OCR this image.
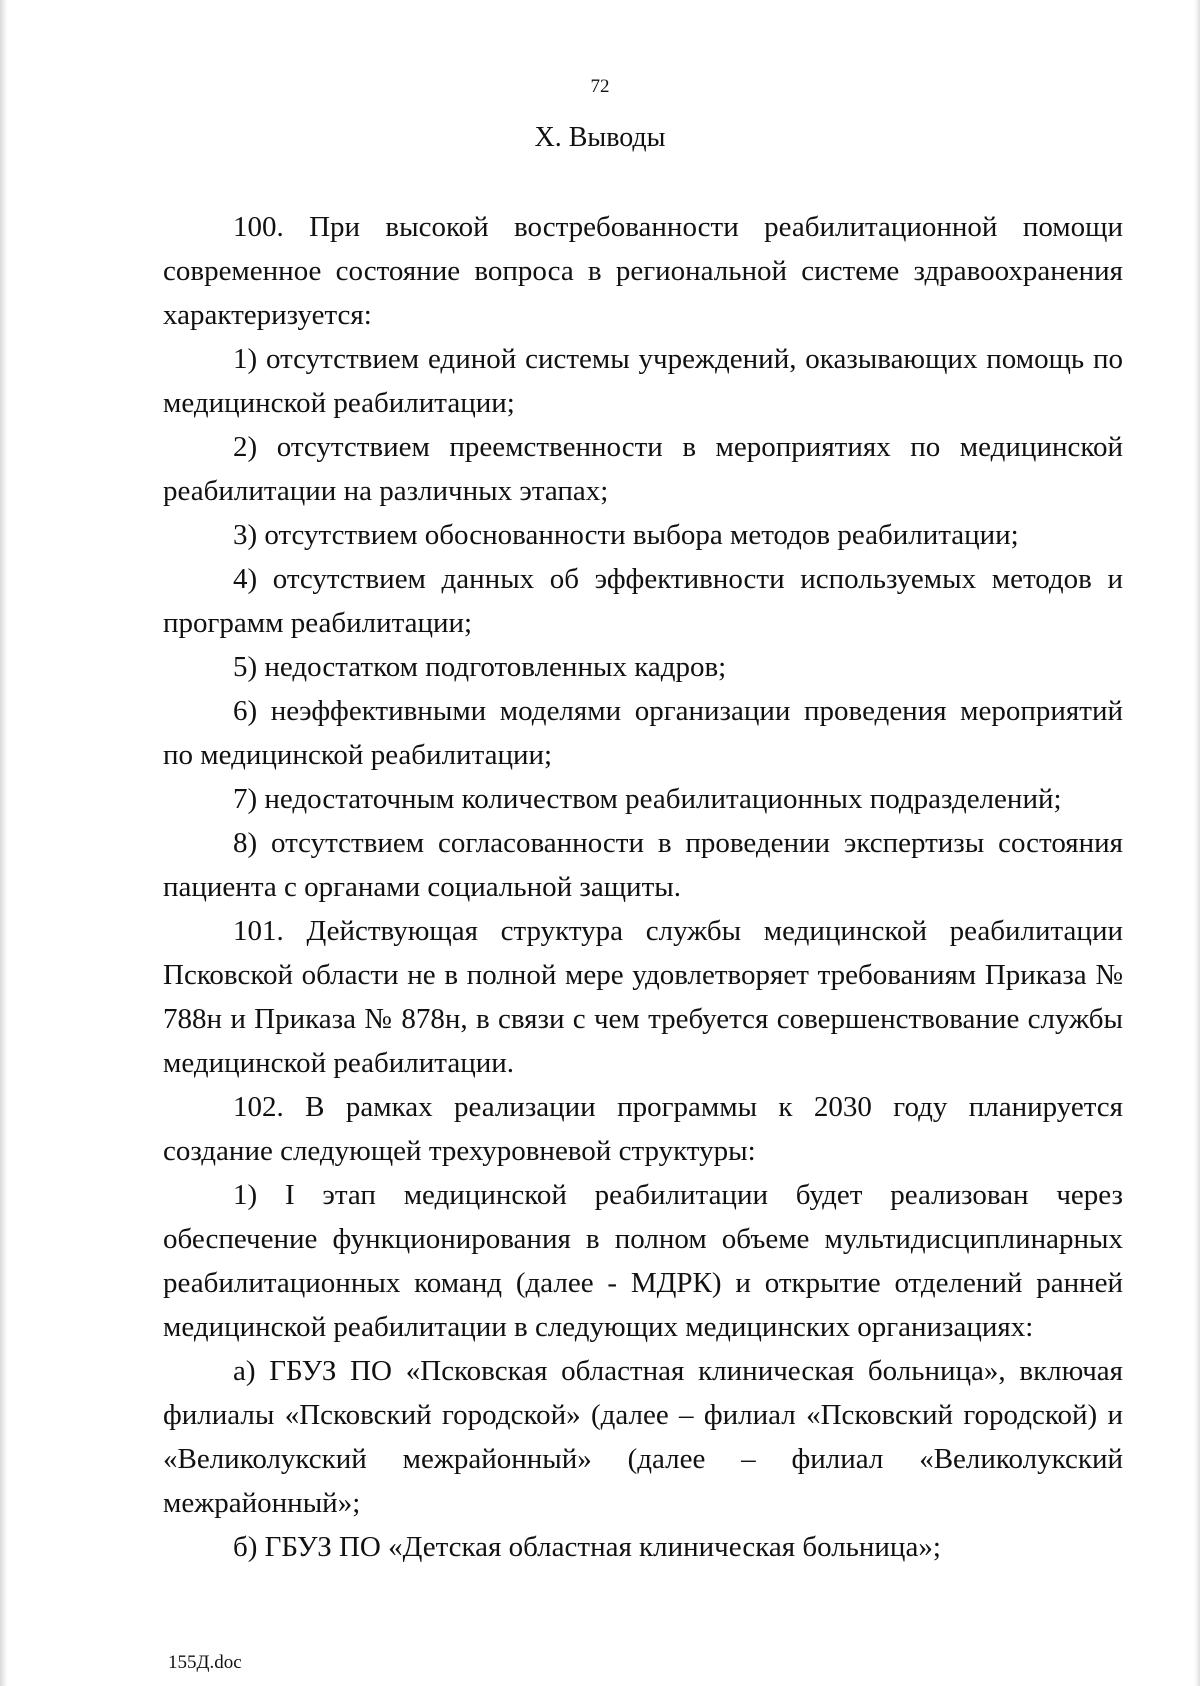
72
X. Выводы

100. При высокой востребованности реабилитационной помощи современное состояние вопроса в региональной системе здравоохранения характеризуется:

1) отсутствием единой системы учреждений, оказывающих помощь по медицинской реабилитации;

2) отсутствием преемственности в мероприятиях по медицинской реабилитации на различных этапах;

3) отсутствием обоснованности выбора методов реабилитации;

4) отсутствием данных об эффективности используемых методов и программ реабилитации;

5) недостатком подготовленных кадров;

6) неэффективными моделями организации проведения мероприятий по медицинской реабилитации;

7) недостаточным количеством реабилитационных подразделений;

8) отсутствием согласованности в проведении экспертизы состояния пациента с органами социальной защиты.

101. Действующая структура службы медицинской реабилитации Псковской области не в полной мере удовлетворяет требованиям Приказа № 788н и Приказа № 878н, в связи с чем требуется совершенствование службы медицинской реабилитации.

102. В рамках реализации программы к 2030 году планируется создание следующей трехуровневой структуры:

1) I этап медицинской реабилитации будет реализован через обеспечение функционирования в полном объеме мультидисциплинарных реабилитационных команд (далее - МДРК) и открытие отделений ранней медицинской реабилитации в следующих медицинских организациях:

а) ГБУЗ ПО «Псковская областная клиническая больница», включая филиалы «Псковский городской» (далее – филиал «Псковский городской) и «Великолукский межрайонный» (далее – филиал «Великолукский межрайонный»;

б) ГБУЗ ПО «Детская областная клиническая больница»;

155Д.doc
